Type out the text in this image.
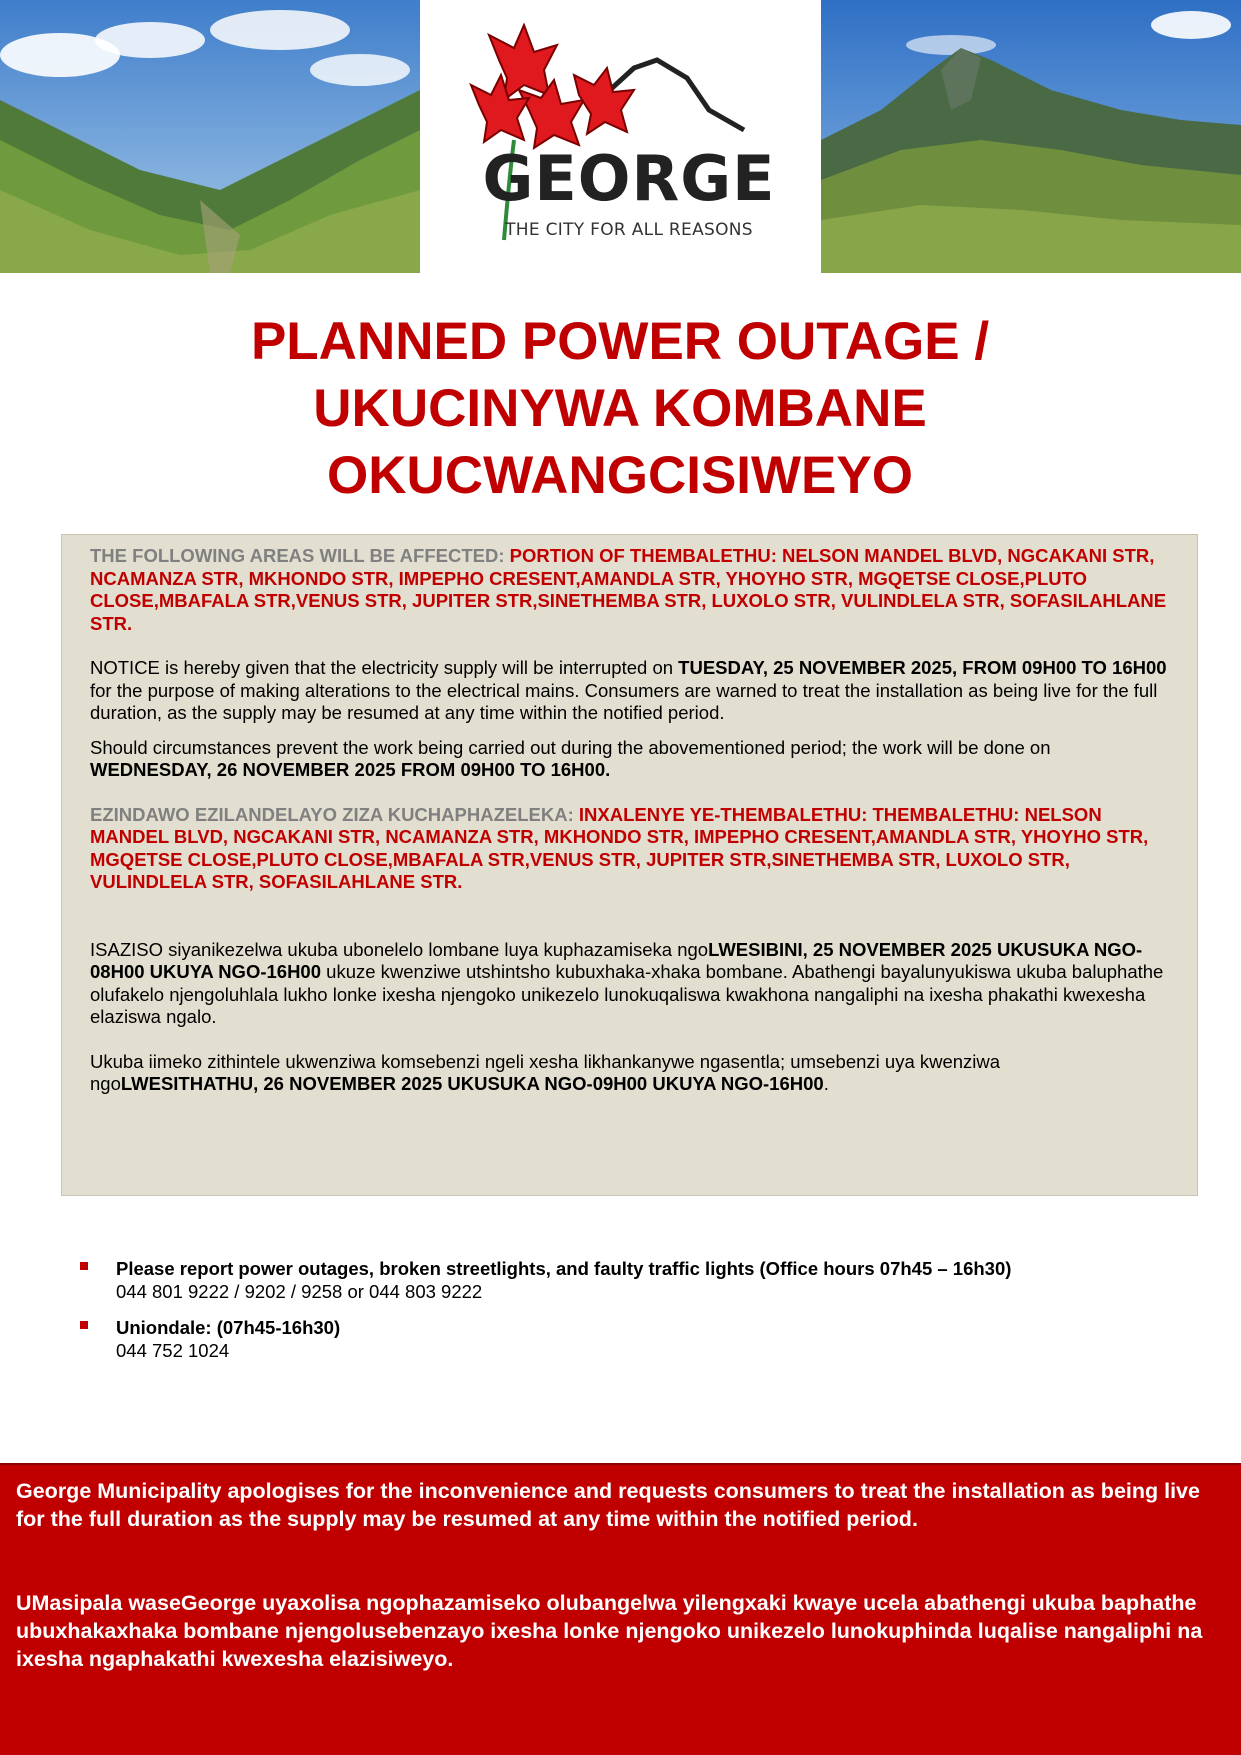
GEORGE
THE CITY FOR ALL REASONS
PLANNED POWER OUTAGE /
UKUCINYWA KOMBANE
OKUCWANGCISIWEYO

THE FOLLOWING AREAS WILL BE AFFECTED: PORTION OF THEMBALETHU: NELSON MANDEL BLVD, NGCAKANI STR, NCAMANZA STR, MKHONDO STR, IMPEPHO CRESENT,AMANDLA STR, YHOYHO STR, MGQETSE CLOSE,PLUTO CLOSE,MBAFALA STR,VENUS STR, JUPITER STR,SINETHEMBA STR, LUXOLO STR, VULINDLELA STR, SOFASILAHLANE STR.

NOTICE is hereby given that the electricity supply will be interrupted on TUESDAY, 25 NOVEMBER 2025, FROM 09H00 TO 16H00 for the purpose of making alterations to the electrical mains. Consumers are warned to treat the installation as being live for the full duration, as the supply may be resumed at any time within the notified period.

Should circumstances prevent the work being carried out during the abovementioned period; the work will be done on WEDNESDAY, 26 NOVEMBER 2025 FROM 09H00 TO 16H00.

EZINDAWO EZILANDELAYO ZIZA KUCHAPHAZELEKA: INXALENYE YE-THEMBALETHU: THEMBALETHU: NELSON MANDEL BLVD, NGCAKANI STR, NCAMANZA STR, MKHONDO STR, IMPEPHO CRESENT,AMANDLA STR, YHOYHO STR, MGQETSE CLOSE,PLUTO CLOSE,MBAFALA STR,VENUS STR, JUPITER STR,SINETHEMBA STR, LUXOLO STR, VULINDLELA STR, SOFASILAHLANE STR.

ISAZISO siyanikezelwa ukuba ubonelelo lombane luya kuphazamiseka ngoLWESIBINI, 25 NOVEMBER 2025 UKUSUKA NGO-08H00 UKUYA NGO-16H00 ukuze kwenziwe utshintsho kubuxhaka-xhaka bombane. Abathengi bayalunyukiswa ukuba baluphathe olufakelo njengoluhlala lukho lonke ixesha njengoko unikezelo lunokuqaliswa kwakhona nangaliphi na ixesha phakathi kwexesha elaziswa ngalo.

Ukuba iimeko zithintele ukwenziwa komsebenzi ngeli xesha likhankanywe ngasentla; umsebenzi uya kwenziwa ngoLWESITHATHU, 26 NOVEMBER 2025 UKUSUKA NGO-09H00 UKUYA NGO-16H00.

Please report power outages, broken streetlights, and faulty traffic lights (Office hours 07h45 – 16h30)
044 801 9222 / 9202 / 9258 or 044 803 9222
Uniondale: (07h45-16h30)
044 752 1024

George Municipality apologises for the inconvenience and requests consumers to treat the installation as being live for the full duration as the supply may be resumed at any time within the notified period.

UMasipala waseGeorge uyaxolisa ngophazamiseko olubangelwa yilengxaki kwaye ucela abathengi ukuba baphathe ubuxhakaxhaka bombane njengolusebenzayo ixesha lonke njengoko unikezelo lunokuphinda luqalise nangaliphi na ixesha ngaphakathi kwexesha elazisiweyo.
